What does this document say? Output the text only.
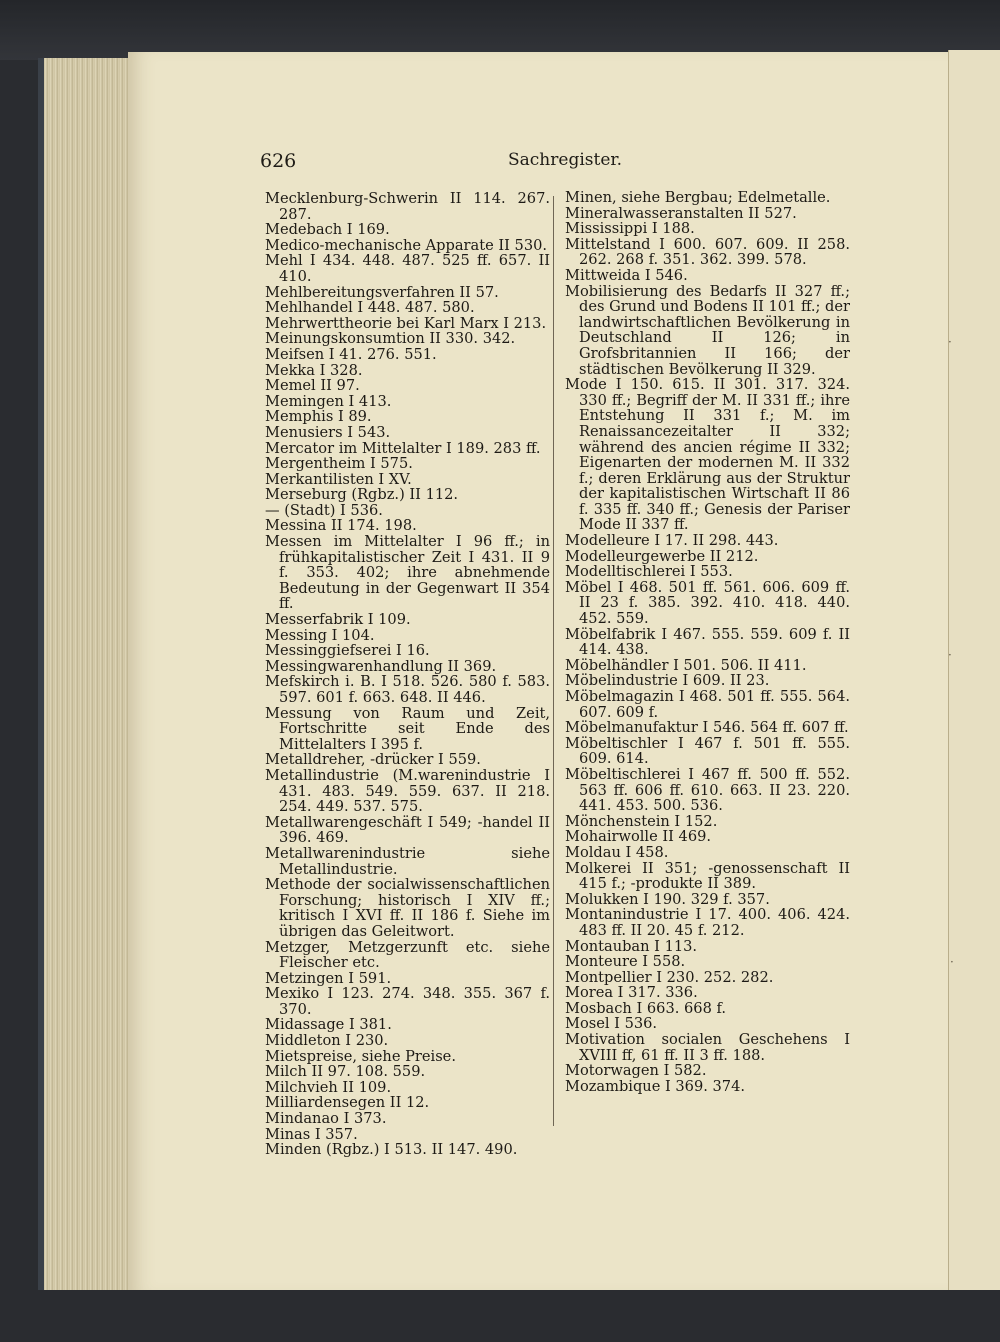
626	Sachregister.

Mecklenburg-Schwerin II 114. 267. 287.

Medebach I 169.

Medico-mechanische Apparate II 530.

Mehl I 434. 448. 487. 525 ff. 657. II 410.

Mehlbereitungsverfahren II 57.

Mehlhandel I 448. 487. 580.

Mehrwerttheorie bei Karl Marx I 213.

Meinungskonsumtion II 330. 342.

Meifsen I 41. 276. 551.

Mekka I 328.

Memel II 97.

Memingen I 413.

Memphis I 89.

Menusiers I 543.

Mercator im Mittelalter I 189. 283 ff.

Mergentheim I 575.

Merkantilisten I XV.

Merseburg (Rgbz.) II 112.

— (Stadt) I 536.

Messina II 174. 198.

Messen im Mittelalter I 96 ff.; in frühkapitalistischer Zeit I 431. II 9 f. 353. 402; ihre abnehmende Bedeutung in der Gegenwart II 354 ff.

Messerfabrik I 109.

Messing I 104.

Messinggiefserei I 16.

Messingwarenhandlung II 369.

Mefskirch i. B. I 518. 526. 580 f. 583. 597. 601 f. 663. 648. II 446.

Messung von Raum und Zeit, Fortschritte seit Ende des Mittelalters I 395 f.

Metalldreher, -drücker I 559.

Metallindustrie (M.warenindustrie I 431. 483. 549. 559. 637. II 218. 254. 449. 537. 575.

Metallwarengeschäft I 549; -handel II 396. 469.

Metallwarenindustrie siehe Metallindustrie.

Methode der socialwissenschaftlichen Forschung; historisch I XIV ff.; kritisch I XVI ff. II 186 f. Siehe im übrigen das Geleitwort.

Metzger, Metzgerzunft etc. siehe Fleischer etc.

Metzingen I 591.

Mexiko I 123. 274. 348. 355. 367 f. 370.

Midassage I 381.

Middleton I 230.

Mietspreise, siehe Preise.

Milch II 97. 108. 559.

Milchvieh II 109.

Milliardensegen II 12.

Mindanao I 373.

Minas I 357.

Minden (Rgbz.) I 513. II 147. 490.

Minen, siehe Bergbau; Edelmetalle.

Mineralwasseranstalten II 527.

Mississippi I 188.

Mittelstand I 600. 607. 609. II 258. 262. 268 f. 351. 362. 399. 578.

Mittweida I 546.

Mobilisierung des Bedarfs II 327 ff.; des Grund und Bodens II 101 ff.; der landwirtschaftlichen Bevölkerung in Deutschland II 126; in Grofsbritannien II 166; der städtischen Bevölkerung II 329.

Mode I 150. 615. II 301. 317. 324. 330 ff.; Begriff der M. II 331 ff.; ihre Entstehung II 331 f.; M. im Renaissancezeitalter II 332; während des ancien régime II 332; Eigenarten der modernen M. II 332 f.; deren Erklärung aus der Struktur der kapitalistischen Wirtschaft II 86 f. 335 ff. 340 ff.; Genesis der Pariser Mode II 337 ff.

Modelleure I 17. II 298. 443.

Modelleurgewerbe II 212.

Modelltischlerei I 553.

Möbel I 468. 501 ff. 561. 606. 609 ff. II 23 f. 385. 392. 410. 418. 440. 452. 559.

Möbelfabrik I 467. 555. 559. 609 f. II 414. 438.

Möbelhändler I 501. 506. II 411.

Möbelindustrie I 609. II 23.

Möbelmagazin I 468. 501 ff. 555. 564. 607. 609 f.

Möbelmanufaktur I 546. 564 ff. 607 ff.

Möbeltischler I 467 f. 501 ff. 555. 609. 614.

Möbeltischlerei I 467 ff. 500 ff. 552. 563 ff. 606 ff. 610. 663. II 23. 220. 441. 453. 500. 536.

Mönchenstein I 152.

Mohairwolle II 469.

Moldau I 458.

Molkerei II 351; -genossenschaft II 415 f.; -produkte II 389.

Molukken I 190. 329 f. 357.

Montanindustrie I 17. 400. 406. 424. 483 ff. II 20. 45 f. 212.

Montauban I 113.

Monteure I 558.

Montpellier I 230. 252. 282.

Morea I 317. 336.

Mosbach I 663. 668 f.

Mosel I 536.

Motivation socialen Geschehens I XVIII ff, 61 ff. II 3 ff. 188.

Motorwagen I 582.

Mozambique I 369. 374.

·
·
·
